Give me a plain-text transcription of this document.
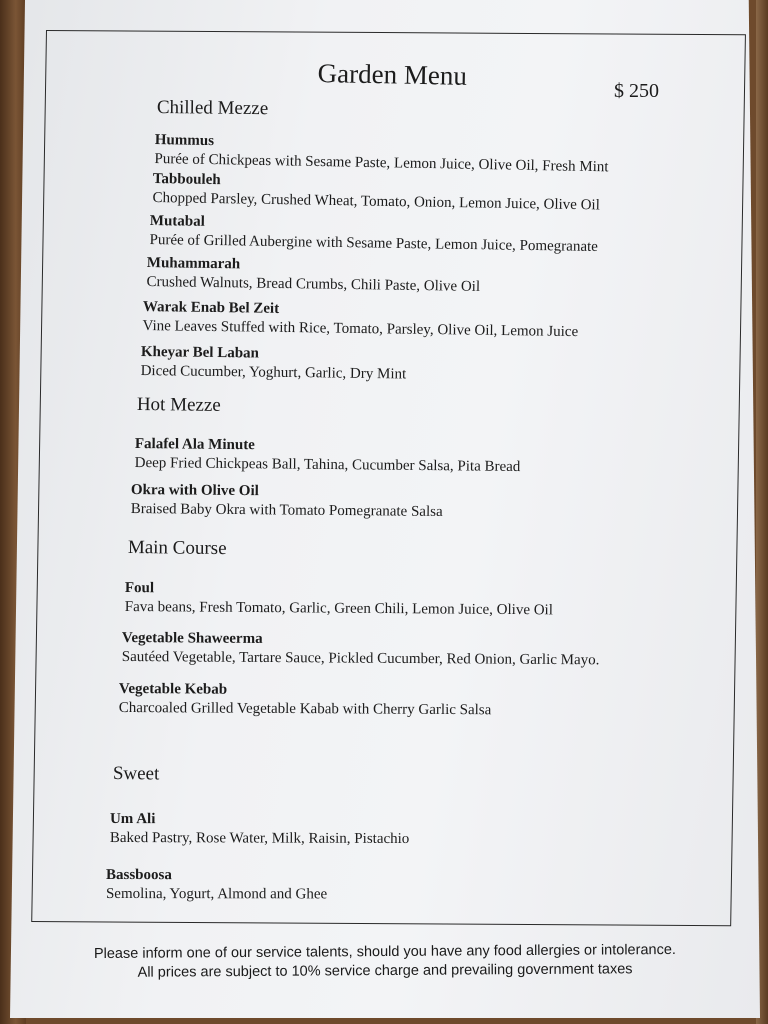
Garden Menu
$ 250
Chilled Mezze
Hummus
Purée of Chickpeas with Sesame Paste, Lemon Juice, Olive Oil, Fresh Mint
Tabbouleh
Chopped Parsley, Crushed Wheat, Tomato, Onion, Lemon Juice, Olive Oil
Mutabal
Purée of Grilled Aubergine with Sesame Paste, Lemon Juice, Pomegranate
Muhammarah
Crushed Walnuts, Bread Crumbs, Chili Paste, Olive Oil
Warak Enab Bel Zeit
Vine Leaves Stuffed with Rice, Tomato, Parsley, Olive Oil, Lemon Juice
Kheyar Bel Laban
Diced Cucumber, Yoghurt, Garlic, Dry Mint
Hot Mezze
Falafel Ala Minute
Deep Fried Chickpeas Ball, Tahina, Cucumber Salsa, Pita Bread
Okra with Olive Oil
Braised Baby Okra with Tomato Pomegranate Salsa
Main Course
Foul
Fava beans, Fresh Tomato, Garlic, Green Chili, Lemon Juice, Olive Oil
Vegetable Shaweerma
Sautéed Vegetable, Tartare Sauce, Pickled Cucumber, Red Onion, Garlic Mayo.
Vegetable Kebab
Charcoaled Grilled Vegetable Kabab with Cherry Garlic Salsa
Sweet
Um Ali
Baked Pastry, Rose Water, Milk, Raisin, Pistachio
Bassboosa
Semolina, Yogurt, Almond and Ghee
Please inform one of our service talents, should you have any food allergies or intolerance.
All prices are subject to 10% service charge and prevailing government taxes
